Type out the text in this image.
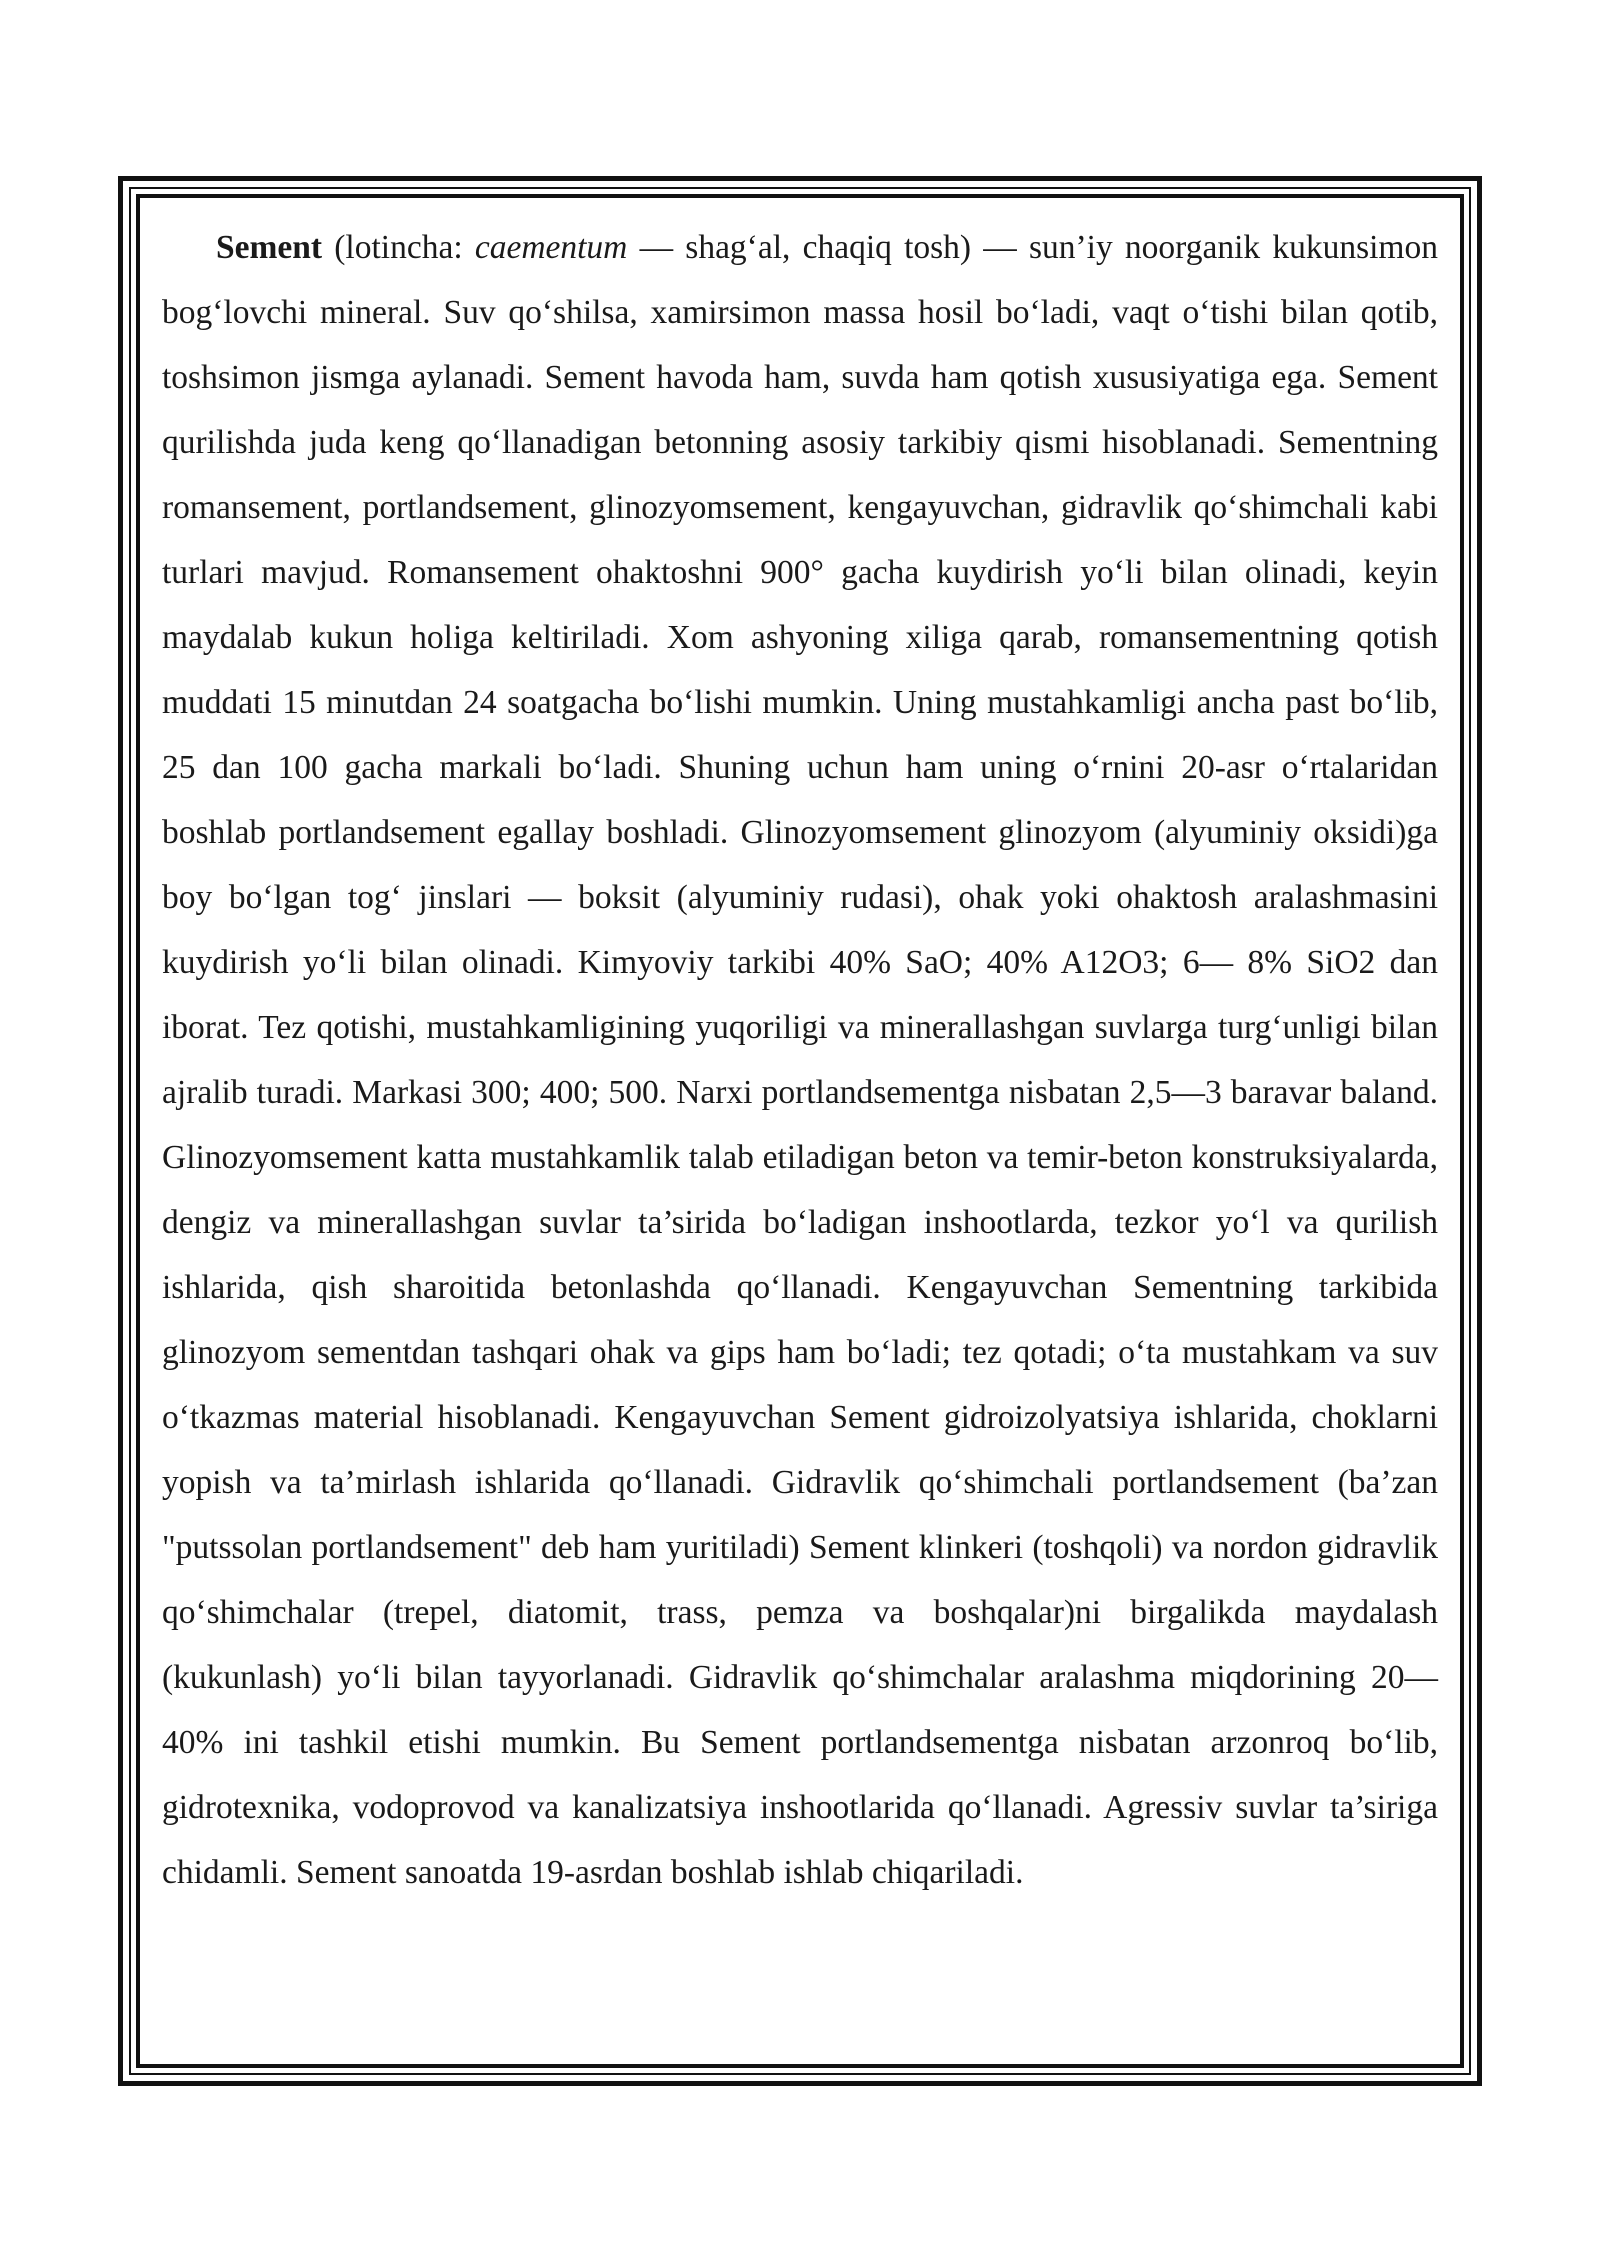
Sement (lotincha: caementum — shag‘al, chaqiq tosh) — sun’iy noorganik kukunsimon bog‘lovchi mineral. Suv qo‘shilsa, xamirsimon massa hosil bo‘ladi, vaqt o‘tishi bilan qotib, toshsimon jismga aylanadi. Sement havoda ham, suvda ham qotish xususiyatiga ega. Sement qurilishda juda keng qo‘llanadigan betonning asosiy tarkibiy qismi hisoblanadi. Sementning romansement, portlandsement, glinozyomsement, kengayuvchan, gidravlik qo‘shimchali kabi turlari mavjud. Romansement ohaktoshni 900° gacha kuydirish yo‘li bilan olinadi, keyin maydalab kukun holiga keltiriladi. Xom ashyoning xiliga qarab, romansementning qotish muddati 15 minutdan 24 soatgacha bo‘lishi mumkin. Uning mustahkamligi ancha past bo‘lib, 25 dan 100 gacha markali bo‘ladi. Shuning uchun ham uning o‘rnini 20-asr o‘rtalaridan boshlab portlandsement egallay boshladi. Glinozyomsement glinozyom (alyuminiy oksidi)ga boy bo‘lgan tog‘ jinslari — boksit (alyuminiy rudasi), ohak yoki ohaktosh aralashmasini kuydirish yo‘li bilan olinadi. Kimyoviy tarkibi 40% SaO; 40% A12O3; 6— 8% SiO2 dan iborat. Tez qotishi, mustahkamligining yuqoriligi va minerallashgan suvlarga turg‘unligi bilan ajralib turadi. Markasi 300; 400; 500. Narxi portlandsementga nisbatan 2,5—3 baravar baland. Glinozyomsement katta mustahkamlik talab etiladigan beton va temir-beton konstruksiyalarda, dengiz va minerallashgan suvlar ta’sirida bo‘ladigan inshootlarda, tezkor yo‘l va qurilish ishlarida, qish sharoitida betonlashda qo‘llanadi. Kengayuvchan Sementning tarkibida glinozyom sementdan tashqari ohak va gips ham bo‘ladi; tez qotadi; o‘ta mustahkam va suv o‘tkazmas material hisoblanadi. Kengayuvchan Sement gidroizolyatsiya ishlarida, choklarni yopish va ta’mirlash ishlarida qo‘llanadi. Gidravlik qo‘shimchali portlandsement (ba’zan "putssolan portlandsement" deb ham yuritiladi) Sement klinkeri (toshqoli) va nordon gidravlik qo‘shimchalar (trepel, diatomit, trass, pemza va boshqalar)ni birgalikda maydalash (kukunlash) yo‘li bilan tayyorlanadi. Gidravlik qo‘shimchalar aralashma miqdorining 20—40% ini tashkil etishi mumkin. Bu Sement portlandsementga nisbatan arzonroq bo‘lib, gidrotexnika, vodoprovod va kanalizatsiya inshootlarida qo‘llanadi. Agressiv suvlar ta’siriga chidamli. Sement sanoatda 19-asrdan boshlab ishlab chiqariladi.
